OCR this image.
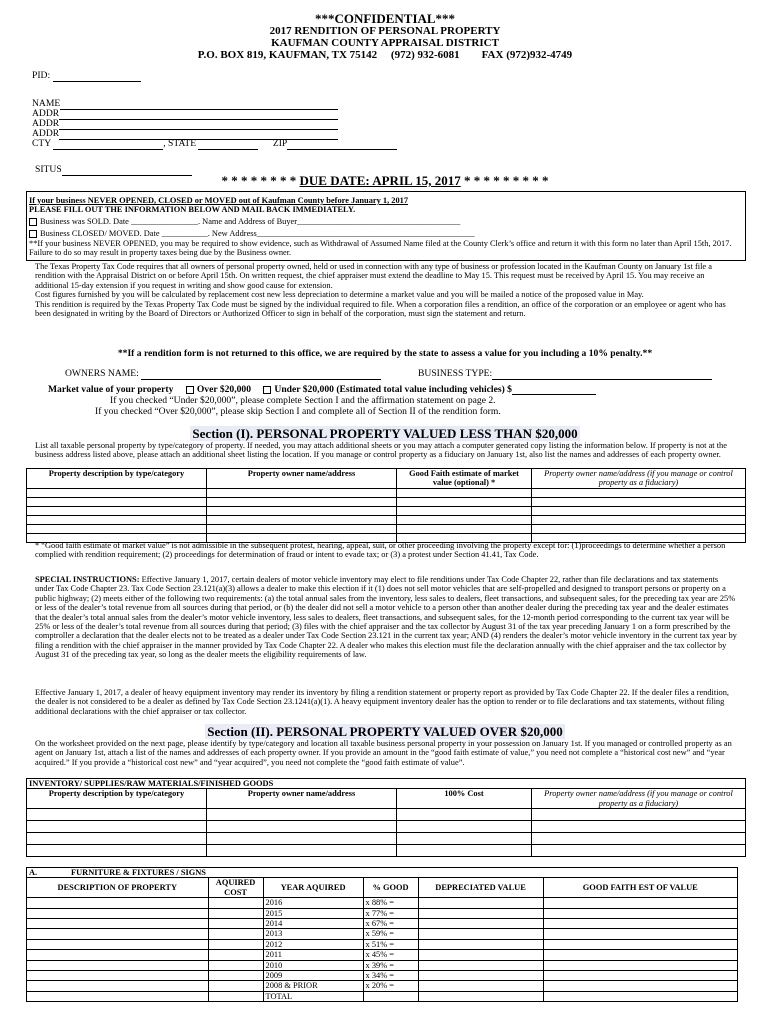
***CONFIDENTIAL***
2017 RENDITION OF PERSONAL PROPERTY
KAUFMAN COUNTY APPRAISAL DISTRICT
P.O. BOX 819, KAUFMAN, TX 75142     (972) 932-6081        FAX (972)932-4749
PID:
NAME
ADDR
ADDR
ADDR
CTY	, STATE	ZIP
SITUS
* * * * * * * * DUE DATE: APRIL 15, 2017 * * * * * * * * *
If your business NEVER OPENED, CLOSED or MOVED out of Kaufman County before January 1, 2017
PLEASE FILL OUT THE INFORMATION BELOW AND MAIL BACK IMMEDIATELY.
Business was SOLD. Date ________________. Name and Address of Buyer_______________________________________
Business CLOSED/ MOVED. Date ___________. New Address____________________________________________________
**If your business NEVER OPENED, you may be required to show evidence, such as Withdrawal of Assumed Name filed at the County Clerk’s office and return it with this form no later than April 15th, 2017. Failure to do so may result in property taxes being due by the Business owner.
The Texas Property Tax Code requires that all owners of personal property owned, held or used in connection with any type of business or profession located in the Kaufman County on January 1st file a rendition with the Appraisal District on or before April 15th. On written request, the chief appraiser must extend the deadline to May 15. This request must be received by April 15. You may receive an additional 15-day extension if you request in writing and show good cause for extension.
Cost figures furnished by you will be calculated by replacement cost new less depreciation to determine a market value and you will be mailed a notice of the proposed value in May.
This rendition is required by the Texas Property Tax Code must be signed by the individual required to file. When a corporation files a rendition, an office of the corporation or an employee or agent who has been designated in writing by the Board of Directors or Authorized Officer to sign in behalf of the corporation, must sign the statement and return.
**If a rendition form is not returned to this office, we are required by the state to assess a value for you including a 10% penalty.**
OWNERS NAME:	BUSINESS TYPE:
Market value of your property Over $20,000 Under $20,000 (Estimated total value including vehicles) $
If you checked “Under $20,000”, please complete Section I and the affirmation statement on page 2.
If you checked “Over $20,000”, please skip Section I and complete all of Section II of the rendition form.
Section (I). PERSONAL PROPERTY VALUED LESS THAN $20,000
List all taxable personal property by type/category of property. If needed, you may attach additional sheets or you may attach a computer generated copy listing the information below. If property is not at the business address listed above, please attach an additional sheet listing the location. If you manage or control property as a fiduciary on January 1st, also list the names and addresses of each property owner.
Property description by type/category	Property owner name/address	Good Faith estimate of market value (optional) *	Property owner name/address (if you manage or control property as a fiduciary)

* “Good faith estimate of market value” is not admissible in the subsequent protest, hearing, appeal, suit, or other proceeding involving the property except for: (1)proceedings to determine whether a person complied with rendition requirement; (2) proceedings for determination of fraud or intent to evade tax; or (3) a protest under Section 41.41, Tax Code.
SPECIAL INSTRUCTIONS: Effective January 1, 2017, certain dealers of motor vehicle inventory may elect to file renditions under Tax Code Chapter 22, rather than file declarations and tax statements under Tax Code Chapter 23. Tax Code Section 23.121(a)(3) allows a dealer to make this election if it (1) does not sell motor vehicles that are self-propelled and designed to transport persons or property on a public highway; (2) meets either of the following two requirements: (a) the total annual sales from the inventory, less sales to dealers, fleet transactions, and subsequent sales, for the preceding tax year are 25% or less of the dealer’s total revenue from all sources during that period, or (b) the dealer did not sell a motor vehicle to a person other than another dealer during the preceding tax year and the dealer estimates that the dealer’s total annual sales from the dealer’s motor vehicle inventory, less sales to dealers, fleet transactions, and subsequent sales, for the 12-month period corresponding to the current tax year will be 25% or less of the dealer’s total revenue from all sources during that period; (3) files with the chief appraiser and the tax collector by August 31 of the tax year preceding January 1 on a form prescribed by the comptroller a declaration that the dealer elects not to be treated as a dealer under Tax Code Section 23.121 in the current tax year; AND (4) renders the dealer’s motor vehicle inventory in the current tax year by filing a rendition with the chief appraiser in the manner provided by Tax Code Chapter 22. A dealer who makes this election must file the declaration annually with the chief appraiser and the tax collector by August 31 of the preceding tax year, so long as the dealer meets the eligibility requirements of law.
Effective January 1, 2017, a dealer of heavy equipment inventory may render its inventory by filing a rendition statement or property report as provided by Tax Code Chapter 22. If the dealer files a rendition, the dealer is not considered to be a dealer as defined by Tax Code Section 23.1241(a)(1). A heavy equipment inventory dealer has the option to render or to file declarations and tax statements, without filing additional declarations with the chief appraiser or tax collector.
Section (II). PERSONAL PROPERTY VALUED OVER $20,000
On the worksheet provided on the next page, please identify by type/category and location all taxable business personal property in your possession on January 1st. If you managed or controlled property as an agent on January 1st, attach a list of the names and addresses of each property owner. If you provide an amount in the “good faith estimate of value,” you need not complete a “historical cost new” and “year acquired.” If you provide a “historical cost new” and “year acquired”, you need not complete the “good faith estimate of value”.
INVENTORY/ SUPPLIES/RAW MATERIALS/FINISHED GOODS			
Property description by type/category	Property owner name/address	100% Cost	Property owner name/address (if you manage or control property as a fiduciary)

A.	FURNITURE & FIXTURES / SIGNS					
DESCRIPTION OF PROPERTY		AQUIRED COST	YEAR AQUIRED	% GOOD	DEPRECIATED VALUE	GOOD FAITH EST OF VALUE
			2016	x 88% =		
			2015	x 77% =		
			2014	x 67% =		
			2013	x 59% =		
			2012	x 51% =		
			2011	x 45% =		
			2010	x 39% =		
			2009	x 34% =		
			2008 & PRIOR	x 20% =		
			TOTAL			
